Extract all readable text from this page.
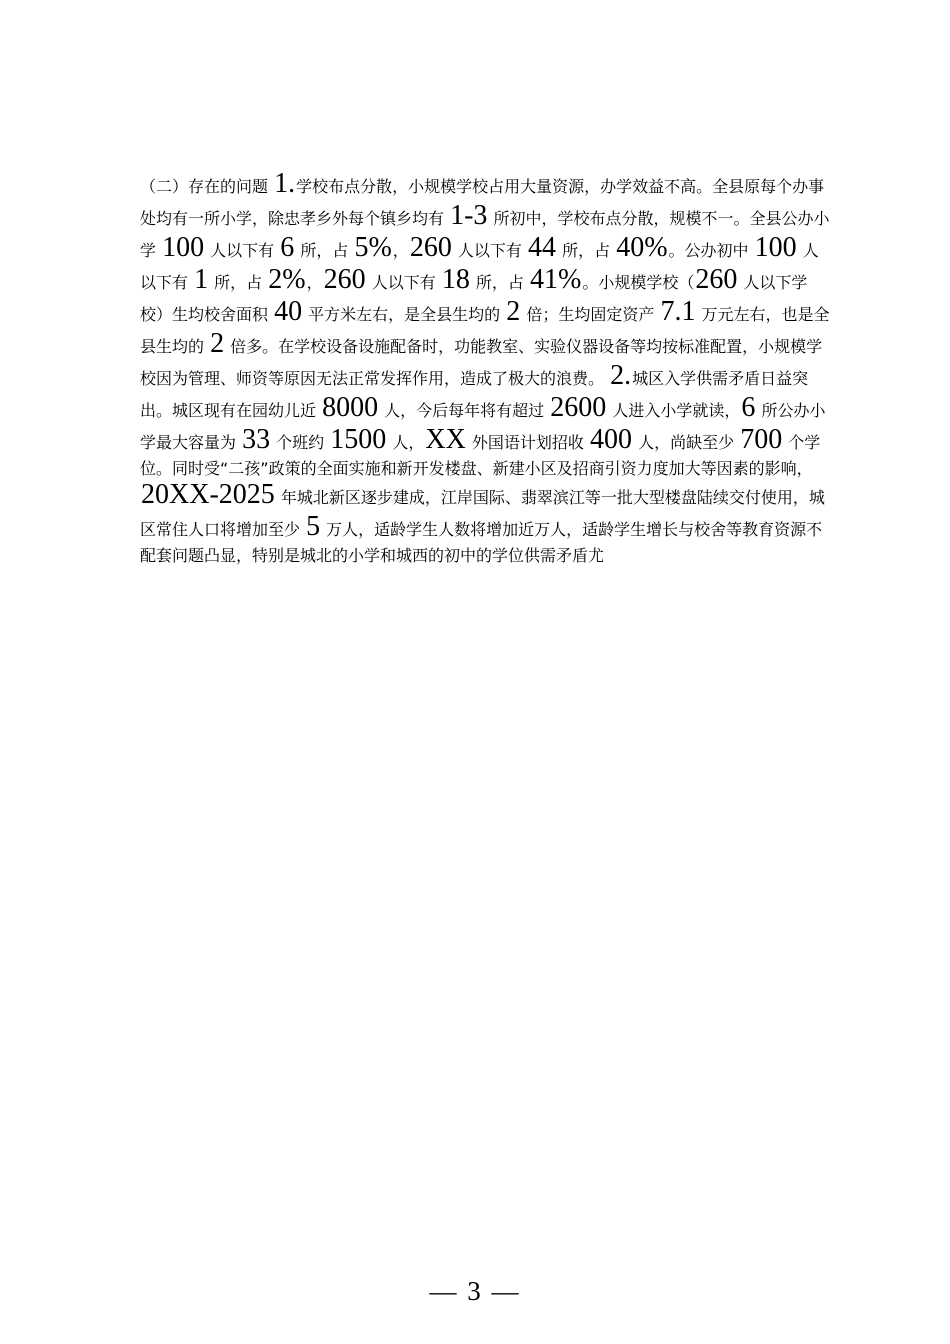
（二）存在的问题 1.学校布点分散，小规模学校占用大量资源，办学效益不高。全县原每个办事处均有一所小学，除忠孝乡外每个镇乡均有 1-3 所初中，学校布点分散，规模不一。全县公办小学 100 人以下有 6 所，占 5%，260 人以下有 44 所，占 40%。公办初中 100 人以下有 1 所，占 2%，260 人以下有 18 所，占 41%。小规模学校（260 人以下学校）生均校舍面积 40 平方米左右，是全县生均的 2 倍；生均固定资产 7.1 万元左右，也是全县生均的 2 倍多。在学校设备设施配备时，功能教室、实验仪器设备等均按标准配置，小规模学校因为管理、师资等原因无法正常发挥作用，造成了极大的浪费。 2.城区入学供需矛盾日益突出。城区现有在园幼儿近 8000 人，今后每年将有超过 2600 人进入小学就读，6 所公办小学最大容量为 33 个班约 1500 人，XX 外国语计划招收 400 人，尚缺至少 700 个学位。同时受“二孩”政策的全面实施和新开发楼盘、新建小区及招商引资力度加大等因素的影响，20XX-2025 年城北新区逐步建成，江岸国际、翡翠滨江等一批大型楼盘陆续交付使用，城区常住人口将增加至少 5 万人，适龄学生人数将增加近万人，适龄学生增长与校舍等教育资源不配套问题凸显，特别是城北的小学和城西的初中的学位供需矛盾尤
— 3 —
